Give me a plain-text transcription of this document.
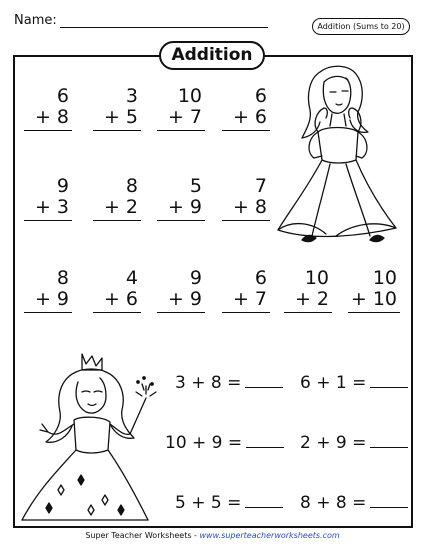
Name:	Addition (Sums to 20)
Addition
6
+ 8
3
+ 5
10
+ 7
6
+ 6
9
+ 3
8
+ 2
5
+ 9
7
+ 8
8
+ 9
4
+ 6
9
+ 9
6
+ 7
10
+ 2
10
+ 10
3 + 8 =	6 + 1 =
10 + 9 =	2 + 9 =
5 + 5 =	8 + 8 =
Super Teacher Worksheets - www.superteacherworksheets.com
